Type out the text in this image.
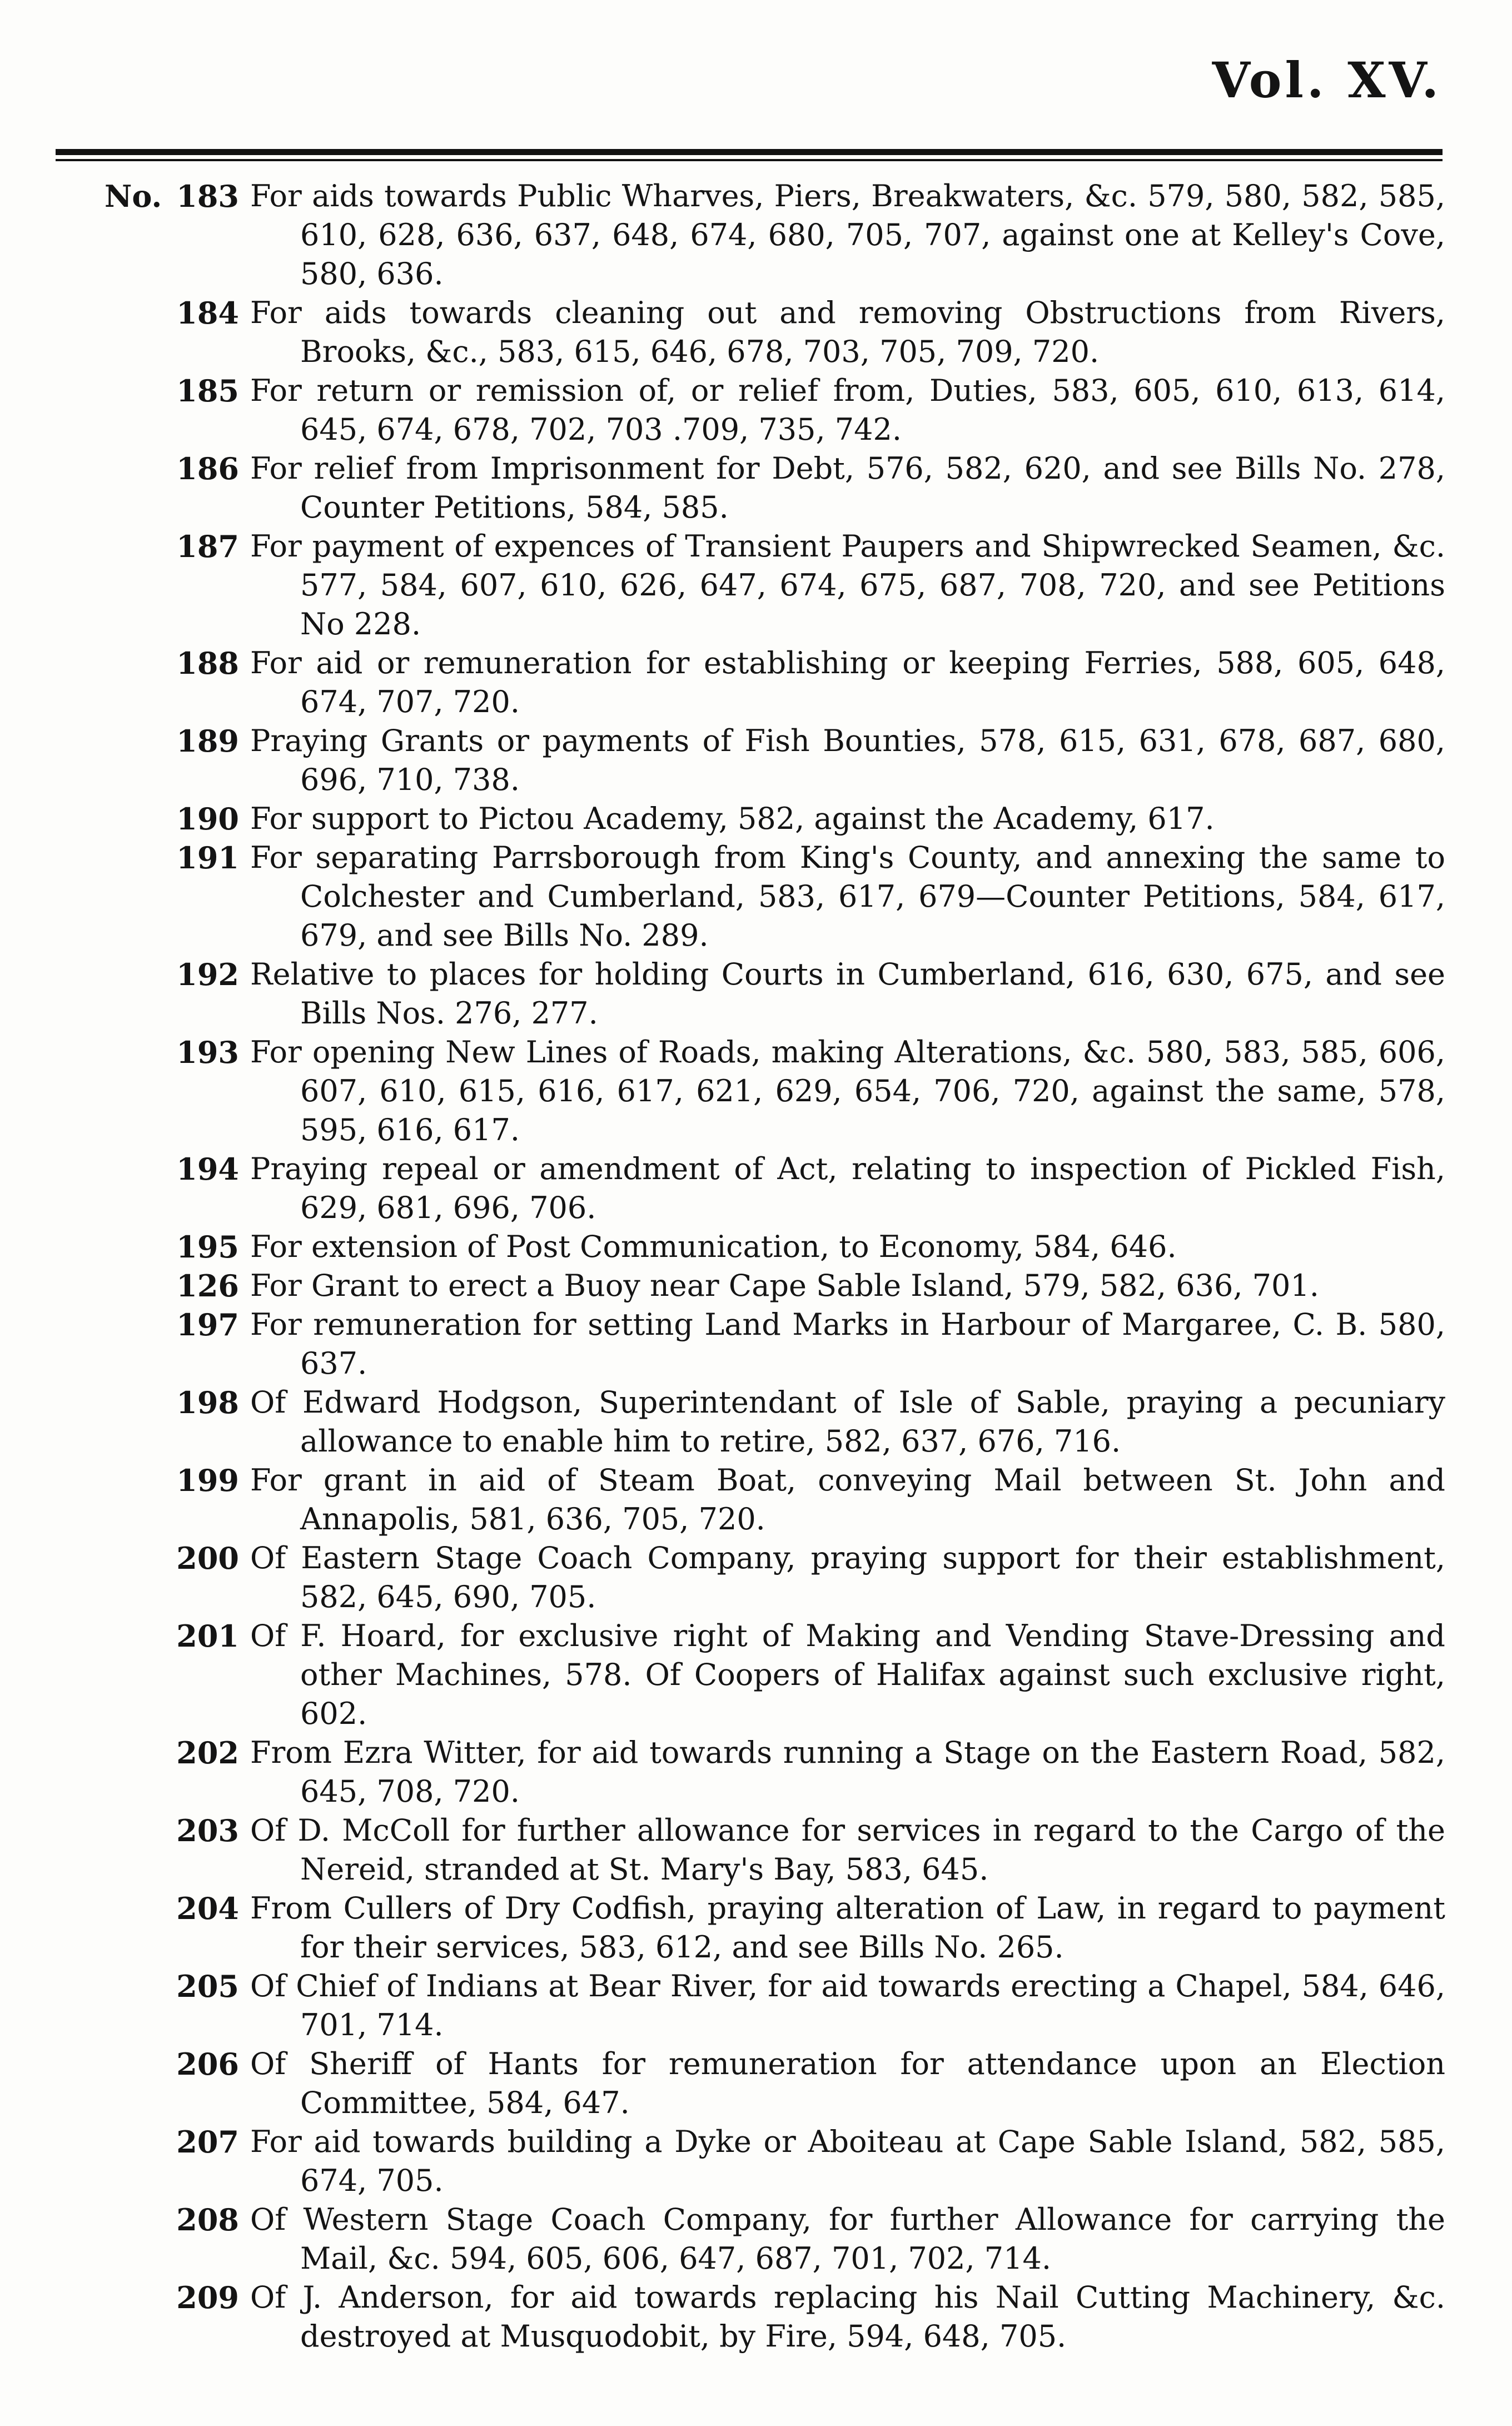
Vol. XV.
No. 183 For aids towards Public Wharves, Piers, Breakwaters, &c. 579, 580, 582, 585, 610, 628, 636, 637, 648, 674, 680, 705, 707, against one at Kelley's Cove, 580, 636.
184 For aids towards cleaning out and removing Obstructions from Rivers, Brooks, &c., 583, 615, 646, 678, 703, 705, 709, 720.
185 For return or remission of, or relief from, Duties, 583, 605, 610, 613, 614, 645, 674, 678, 702, 703 .709, 735, 742.
186 For relief from Imprisonment for Debt, 576, 582, 620, and see Bills No. 278, Counter Petitions, 584, 585.
187 For payment of expences of Transient Paupers and Shipwrecked Seamen, &c. 577, 584, 607, 610, 626, 647, 674, 675, 687, 708, 720, and see Petitions No 228.
188 For aid or remuneration for establishing or keeping Ferries, 588, 605, 648, 674, 707, 720.
189 Praying Grants or payments of Fish Bounties, 578, 615, 631, 678, 687, 680, 696, 710, 738.
190 For support to Pictou Academy, 582, against the Academy, 617.
191 For separating Parrsborough from King's County, and annexing the same to Colchester and Cumberland, 583, 617, 679—Counter Petitions, 584, 617, 679, and see Bills No. 289.
192 Relative to places for holding Courts in Cumberland, 616, 630, 675, and see Bills Nos. 276, 277.
193 For opening New Lines of Roads, making Alterations, &c. 580, 583, 585, 606, 607, 610, 615, 616, 617, 621, 629, 654, 706, 720, against the same, 578, 595, 616, 617.
194 Praying repeal or amendment of Act, relating to inspection of Pickled Fish, 629, 681, 696, 706.
195 For extension of Post Communication, to Economy, 584, 646.
126 For Grant to erect a Buoy near Cape Sable Island, 579, 582, 636, 701.
197 For remuneration for setting Land Marks in Harbour of Margaree, C. B. 580, 637.
198 Of Edward Hodgson, Superintendant of Isle of Sable, praying a pecuniary allowance to enable him to retire, 582, 637, 676, 716.
199 For grant in aid of Steam Boat, conveying Mail between St. John and Annapolis, 581, 636, 705, 720.
200 Of Eastern Stage Coach Company, praying support for their establishment, 582, 645, 690, 705.
201 Of F. Hoard, for exclusive right of Making and Vending Stave-Dressing and other Machines, 578. Of Coopers of Halifax against such exclusive right, 602.
202 From Ezra Witter, for aid towards running a Stage on the Eastern Road, 582, 645, 708, 720.
203 Of D. McColl for further allowance for services in regard to the Cargo of the Nereid, stranded at St. Mary's Bay, 583, 645.
204 From Cullers of Dry Codfish, praying alteration of Law, in regard to payment for their services, 583, 612, and see Bills No. 265.
205 Of Chief of Indians at Bear River, for aid towards erecting a Chapel, 584, 646, 701, 714.
206 Of Sheriff of Hants for remuneration for attendance upon an Election Committee, 584, 647.
207 For aid towards building a Dyke or Aboiteau at Cape Sable Island, 582, 585, 674, 705.
208 Of Western Stage Coach Company, for further Allowance for carrying the Mail, &c. 594, 605, 606, 647, 687, 701, 702, 714.
209 Of J. Anderson, for aid towards replacing his Nail Cutting Machinery, &c. destroyed at Musquodobit, by Fire, 594, 648, 705.
